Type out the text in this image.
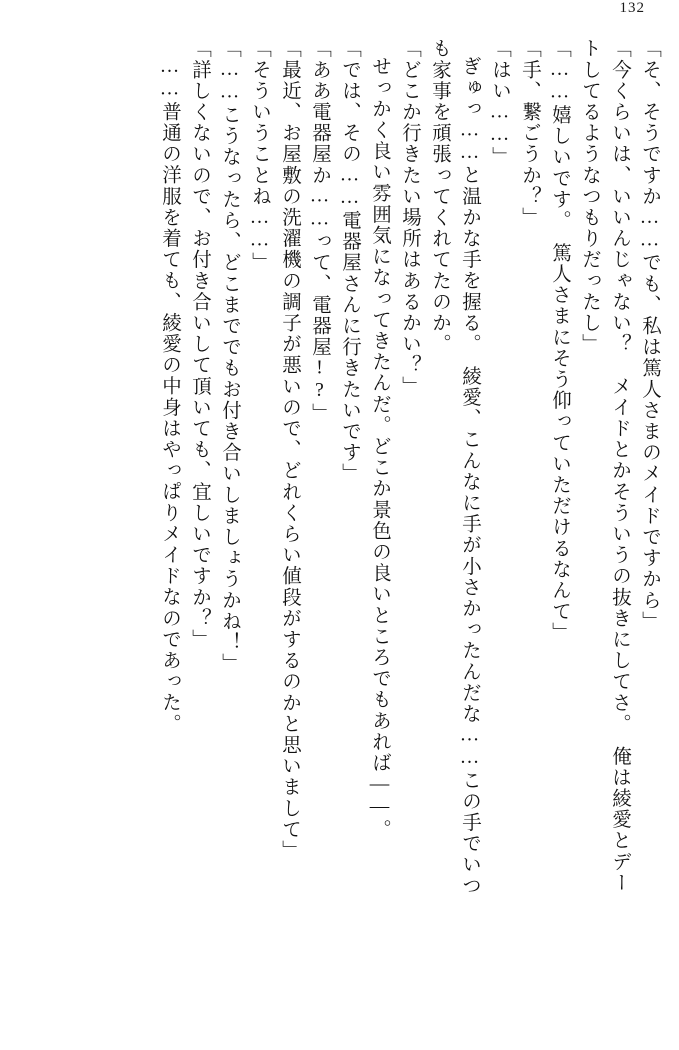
132
「そ、そうですか……でも、私は篤人さまのメイドですから」
「今くらいは、いいんじゃない？　メイドとかそういうの抜きにしてさ。　俺は綾愛とデー
トしてるようなつもりだったし」
「……嬉しいです。　篤人さまにそう仰っていただけるなんて」
「手、繋ごうか？」
「はい……」
ぎゅっ……と温かな手を握る。　綾愛、こんなに手が小さかったんだな……この手でいつ
も家事を頑張ってくれてたのか。
「どこか行きたい場所はあるかい？」
せっかく良い雰囲気になってきたんだ。どこか景色の良いところでもあれば——。
「では、その……電器屋さんに行きたいです」
「ああ電器屋か……って、電器屋!?」
「最近、お屋敷の洗濯機の調子が悪いので、どれくらい値段がするのかと思いまして」
「そういうことね……」
「……こうなったら、どこまででもお付き合いしましょうかね！」
「詳しくないので、お付き合いして頂いても、宜しいですか？」
……普通の洋服を着ても、綾愛の中身はやっぱりメイドなのであった。
